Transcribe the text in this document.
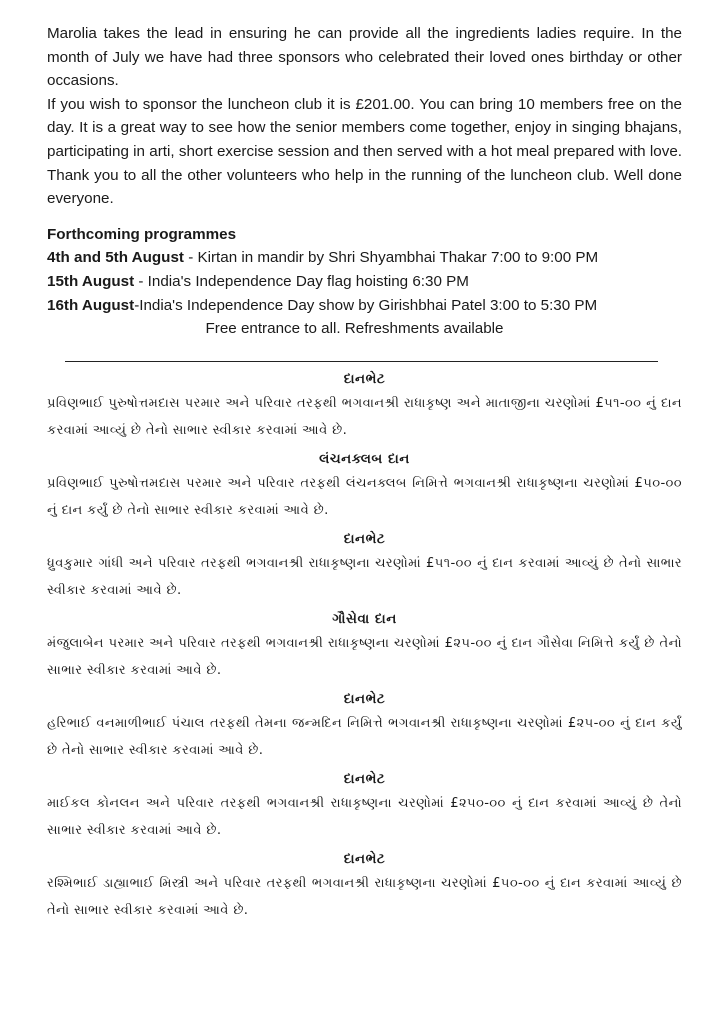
Marolia takes the lead in ensuring he can provide all the ingredients ladies require. In the month of July we have had three sponsors who celebrated their loved ones birthday or other occasions.

If you wish to sponsor the luncheon club it is £201.00. You can bring 10 members free on the day. It is a great way to see how the senior members come together, enjoy in singing bhajans, participating in arti, short exercise session and then served with a hot meal prepared with love. Thank you to all the other volunteers who help in the running of the luncheon club. Well done everyone.

Forthcoming programmes
4th and 5th August - Kirtan in mandir by Shri Shyambhai Thakar 7:00 to 9:00 PM
15th August - India's Independence Day flag hoisting 6:30 PM
16th August-India's Independence Day show by Girishbhai Patel 3:00 to 5:30 PM
Free entrance to all. Refreshments available
દાનભેટ

પ્રવિણભાઈ પુરુષોત્તમદાસ પરમાર અને પરિવાર તરફથી ભગવાનશ્રી રાધાકૃષ્ણ અને માતાજીના ચરણોમાં £૫૧-૦૦ નું દાન કરવામાં આવ્યું છે તેનો સાભાર સ્વીકાર કરવામાં આવે છે.

લંચનક્લબ દાન

પ્રવિણભાઈ પુરુષોત્તમદાસ પરમાર અને પરિવાર તરફથી લંચનક્લબ નિમિત્તે ભગવાનશ્રી રાધાકૃષ્ણના ચરણોમાં £૫૦-૦૦ નું દાન કર્યું છે તેનો સાભાર સ્વીકાર કરવામાં આવે છે.

દાનભેટ

ધ્રુવકુમાર ગાંધી અને પરિવાર તરફથી ભગવાનશ્રી રાધાકૃષ્ણના ચરણોમાં £૫૧-૦૦ નું દાન કરવામાં આવ્યું છે તેનો સાભાર સ્વીકાર કરવામાં આવે છે.

ગૌસેવા દાન

મંજુલાબેન પરમાર અને પરિવાર તરફથી ભગવાનશ્રી રાધાકૃષ્ણના ચરણોમાં £૨૫-૦૦ નું દાન ગૌસેવા નિમિત્તે કર્યું છે તેનો સાભાર સ્વીકાર કરવામાં આવે છે.

દાનભેટ

હરિભાઈ વનમાળીભાઈ પંચાલ તરફથી તેમના જન્મદિન નિમિત્તે ભગવાનશ્રી રાધાકૃષ્ણના ચરણોમાં £૨૫-૦૦ નું દાન કર્યું છે તેનો સાભાર સ્વીકાર કરવામાં આવે છે.

દાનભેટ

માઈકલ કોનલન અને પરિવાર તરફથી ભગવાનશ્રી રાધાકૃષ્ણના ચરણોમાં £૨૫૦-૦૦ નું દાન કરવામાં આવ્યું છે તેનો સાભાર સ્વીકાર કરવામાં આવે છે.

દાનભેટ

રશ્મિભાઈ ડાહ્યાભાઈ મિસ્ત્રી અને પરિવાર તરફથી ભગવાનશ્રી રાધાકૃષ્ણના ચરણોમાં £૫૦-૦૦ નું દાન કરવામાં આવ્યું છે તેનો સાભાર સ્વીકાર કરવામાં આવે છે.
